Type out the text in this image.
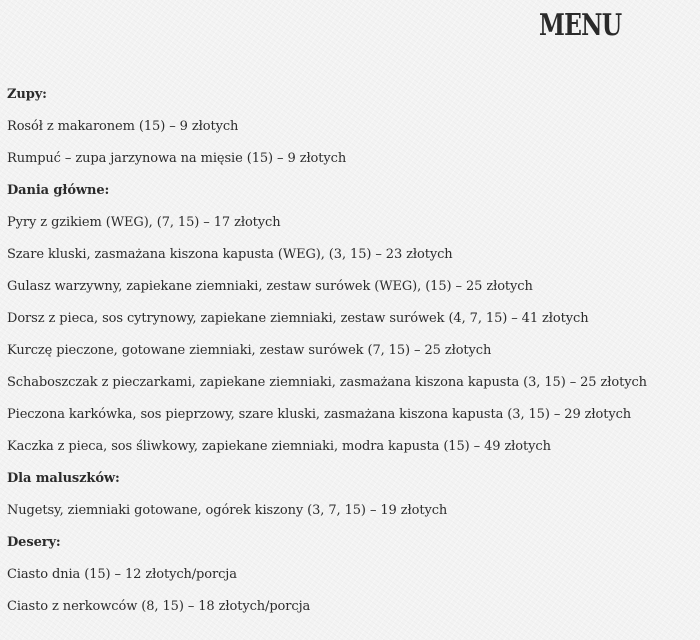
MENU
Zupy:
Rosół z makaronem (15) – 9 złotych
Rumpuć – zupa jarzynowa na mięsie (15) – 9 złotych
Dania główne:
Pyry z gzikiem (WEG), (7, 15) – 17 złotych
Szare kluski, zasmażana kiszona kapusta (WEG), (3, 15) – 23 złotych
Gulasz warzywny, zapiekane ziemniaki, zestaw surówek (WEG), (15) – 25 złotych
Dorsz z pieca, sos cytrynowy, zapiekane ziemniaki, zestaw surówek (4, 7, 15) – 41 złotych
Kurczę pieczone, gotowane ziemniaki, zestaw surówek (7, 15) – 25 złotych
Schaboszczak z pieczarkami, zapiekane ziemniaki, zasmażana kiszona kapusta (3, 15) – 25 złotych
Pieczona karkówka, sos pieprzowy, szare kluski, zasmażana kiszona kapusta (3, 15) – 29 złotych
Kaczka z pieca, sos śliwkowy, zapiekane ziemniaki, modra kapusta (15) – 49 złotych
Dla maluszków:
Nugetsy, ziemniaki gotowane, ogórek kiszony (3, 7, 15) – 19 złotych
Desery:
Ciasto dnia (15) – 12 złotych/porcja
Ciasto z nerkowców (8, 15) – 18 złotych/porcja
